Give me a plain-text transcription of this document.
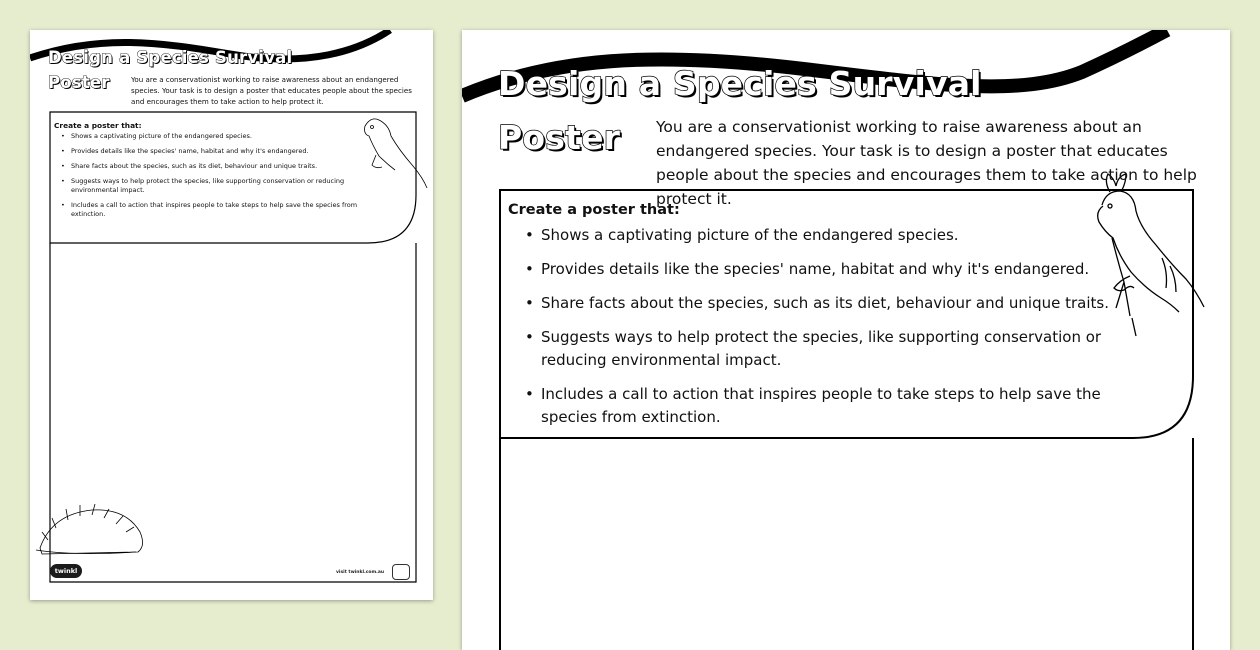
Design a Species Survival
Poster	You are a conservationist working to raise awareness about an endangered species. Your task is to design a poster that educates people about the species and encourages them to take action to help protect it.

Create a poster that:

• Shows a captivating picture of the endangered species.
• Provides details like the species' name, habitat and why it's endangered.
• Share facts about the species, such as its diet, behaviour and unique traits.
• Suggests ways to help protect the species, like supporting conservation or reducing environmental impact.
• Includes a call to action that inspires people to take steps to help save the species from extinction.
twinkl	visit twinkl.com.au
Design a Species Survival
Poster You are a conservationist working to raise awareness about an endangered species. Your task is to design a poster that educates people about the species and encourages them to take action to help protect it.

Create a poster that:

• Shows a captivating picture of the endangered species.
• Provides details like the species' name, habitat and why it's endangered.
• Share facts about the species, such as its diet, behaviour and unique traits.
• Suggests ways to help protect the species, like supporting conservation or reducing environmental impact.
• Includes a call to action that inspires people to take steps to help save the species from extinction.
